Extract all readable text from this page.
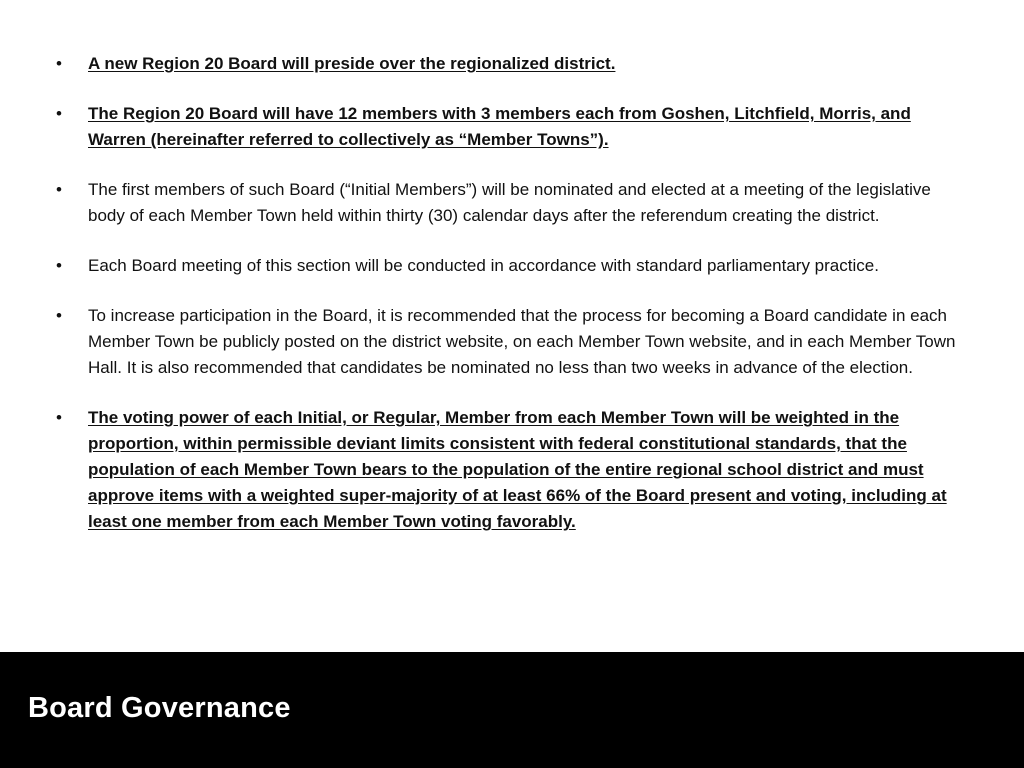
•	A new Region 20 Board will preside over the regionalized district.
•	The Region 20 Board will have 12 members with 3 members each from Goshen, Litchfield, Morris, and Warren (hereinafter referred to collectively as “Member Towns”).
•	The first members of such Board (“Initial Members”) will be nominated and elected at a meeting of the legislative body of each Member Town held within thirty (30) calendar days after the referendum creating the district.
•	Each Board meeting of this section will be conducted in accordance with standard parliamentary practice.
•	To increase participation in the Board, it is recommended that the process for becoming a Board candidate in each Member Town be publicly posted on the district website, on each Member Town website, and in each Member Town Hall. It is also recommended that candidates be nominated no less than two weeks in advance of the election.
•	The voting power of each Initial, or Regular, Member from each Member Town will be weighted in the proportion, within permissible deviant limits consistent with federal constitutional standards, that the population of each Member Town bears to the population of the entire regional school district and must approve items with a weighted super-majority of at least 66% of the Board present and voting, including at least one member from each Member Town voting favorably.
Board Governance
